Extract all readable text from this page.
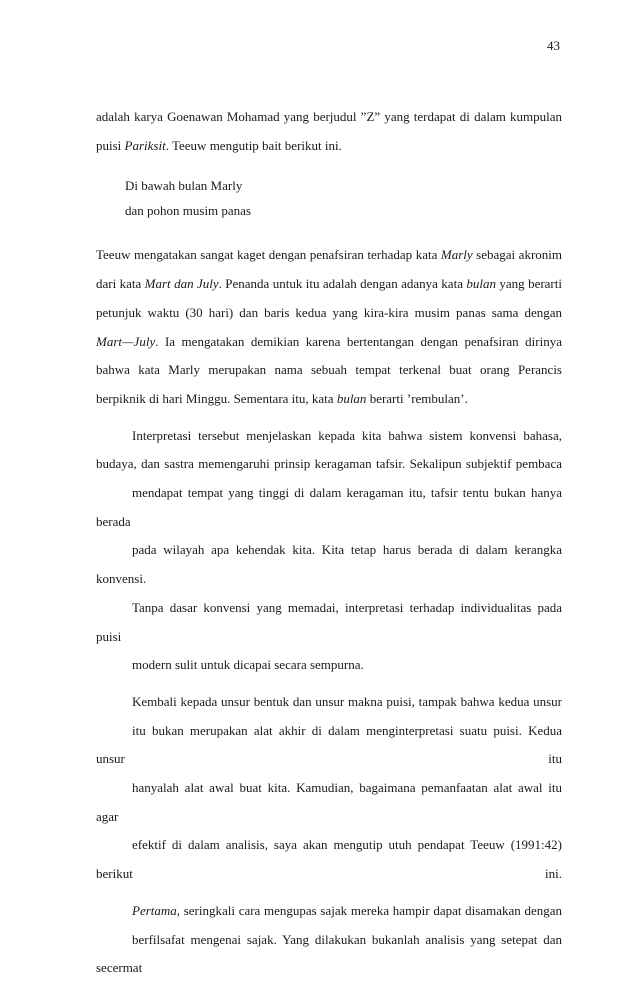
43

adalah karya Goenawan Mohamad yang berjudul ”Z” yang terdapat di dalam kumpulan
puisi Pariksit. Teeuw mengutip bait berikut ini.

Di bawah bulan Marly
dan pohon musim panas

Teeuw mengatakan sangat kaget dengan penafsiran terhadap kata Marly sebagai akronim
dari kata Mart dan July. Penanda untuk itu adalah dengan adanya kata bulan yang berarti
petunjuk waktu (30 hari) dan baris kedua yang kira-kira musim panas sama dengan
Mart—July. Ia mengatakan demikian karena bertentangan dengan penafsiran dirinya
bahwa kata Marly merupakan nama sebuah tempat terkenal buat orang Perancis
berpiknik di hari Minggu. Sementara itu, kata bulan berarti ’rembulan’.

Interpretasi tersebut menjelaskan kepada kita bahwa sistem konvensi bahasa,
budaya, dan sastra memengaruhi prinsip keragaman tafsir. Sekalipun subjektif pembaca
mendapat tempat yang tinggi di dalam keragaman itu, tafsir tentu bukan hanya berada
pada wilayah apa kehendak kita. Kita tetap harus berada di dalam kerangka konvensi.
Tanpa dasar konvensi yang memadai, interpretasi terhadap individualitas pada puisi
modern sulit untuk dicapai secara sempurna.

Kembali kepada unsur bentuk dan unsur makna puisi, tampak bahwa kedua unsur
itu bukan merupakan alat akhir di dalam menginterpretasi suatu puisi. Kedua unsur itu
hanyalah alat awal buat kita. Kamudian, bagaimana pemanfaatan alat awal itu agar
efektif di dalam analisis, saya akan mengutip utuh pendapat Teeuw (1991:42) berikut ini.

Pertama, seringkali cara mengupas sajak mereka hampir dapat disamakan dengan
berfilsafat mengenai sajak. Yang dilakukan bukanlah analisis yang setepat dan secermat
